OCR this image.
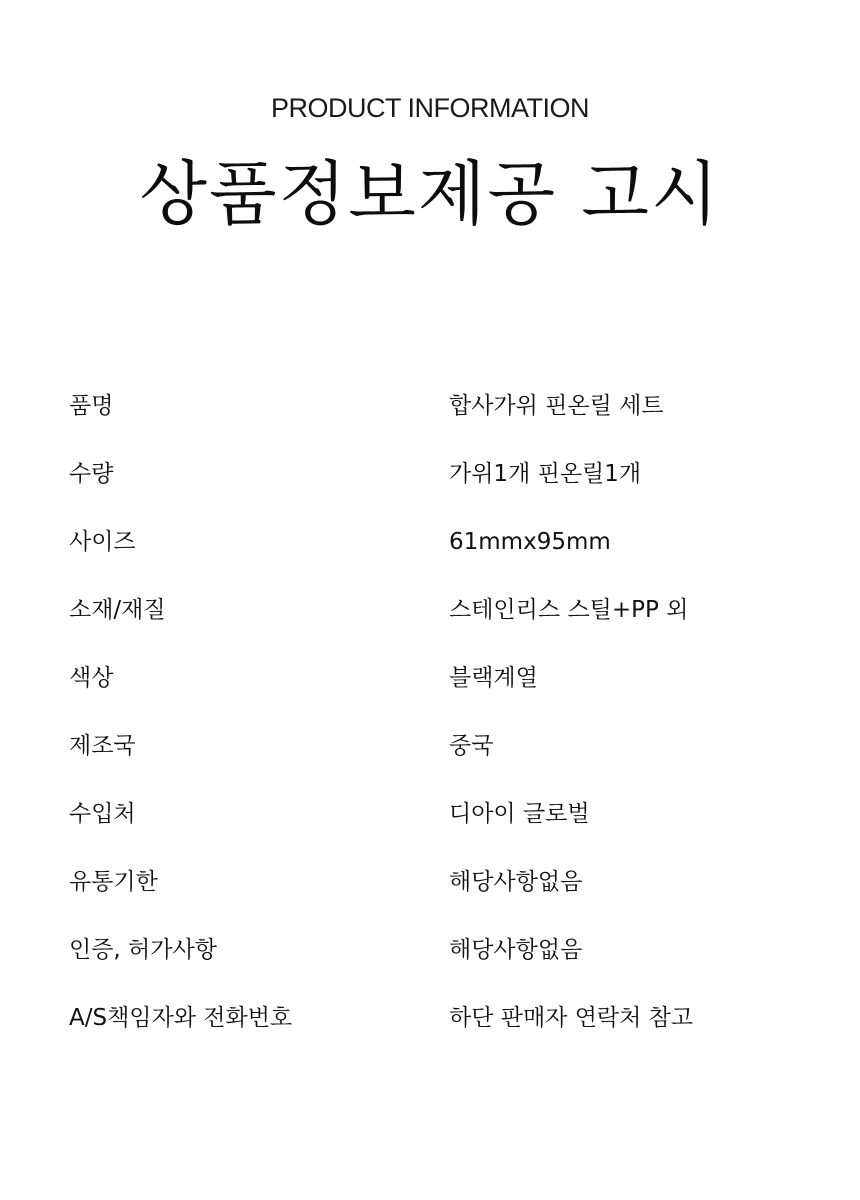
PRODUCT INFORMATION
상품정보제공 고시
품명	합사가위 핀온릴 세트
수량	가위1개 핀온릴1개
사이즈	61mmx95mm
소재/재질	스테인리스 스틸+PP 외
색상	블랙계열
제조국	중국
수입처	디아이 글로벌
유통기한	해당사항없음
인증, 허가사항	해당사항없음
A/S책임자와 전화번호	하단 판매자 연락처 참고
